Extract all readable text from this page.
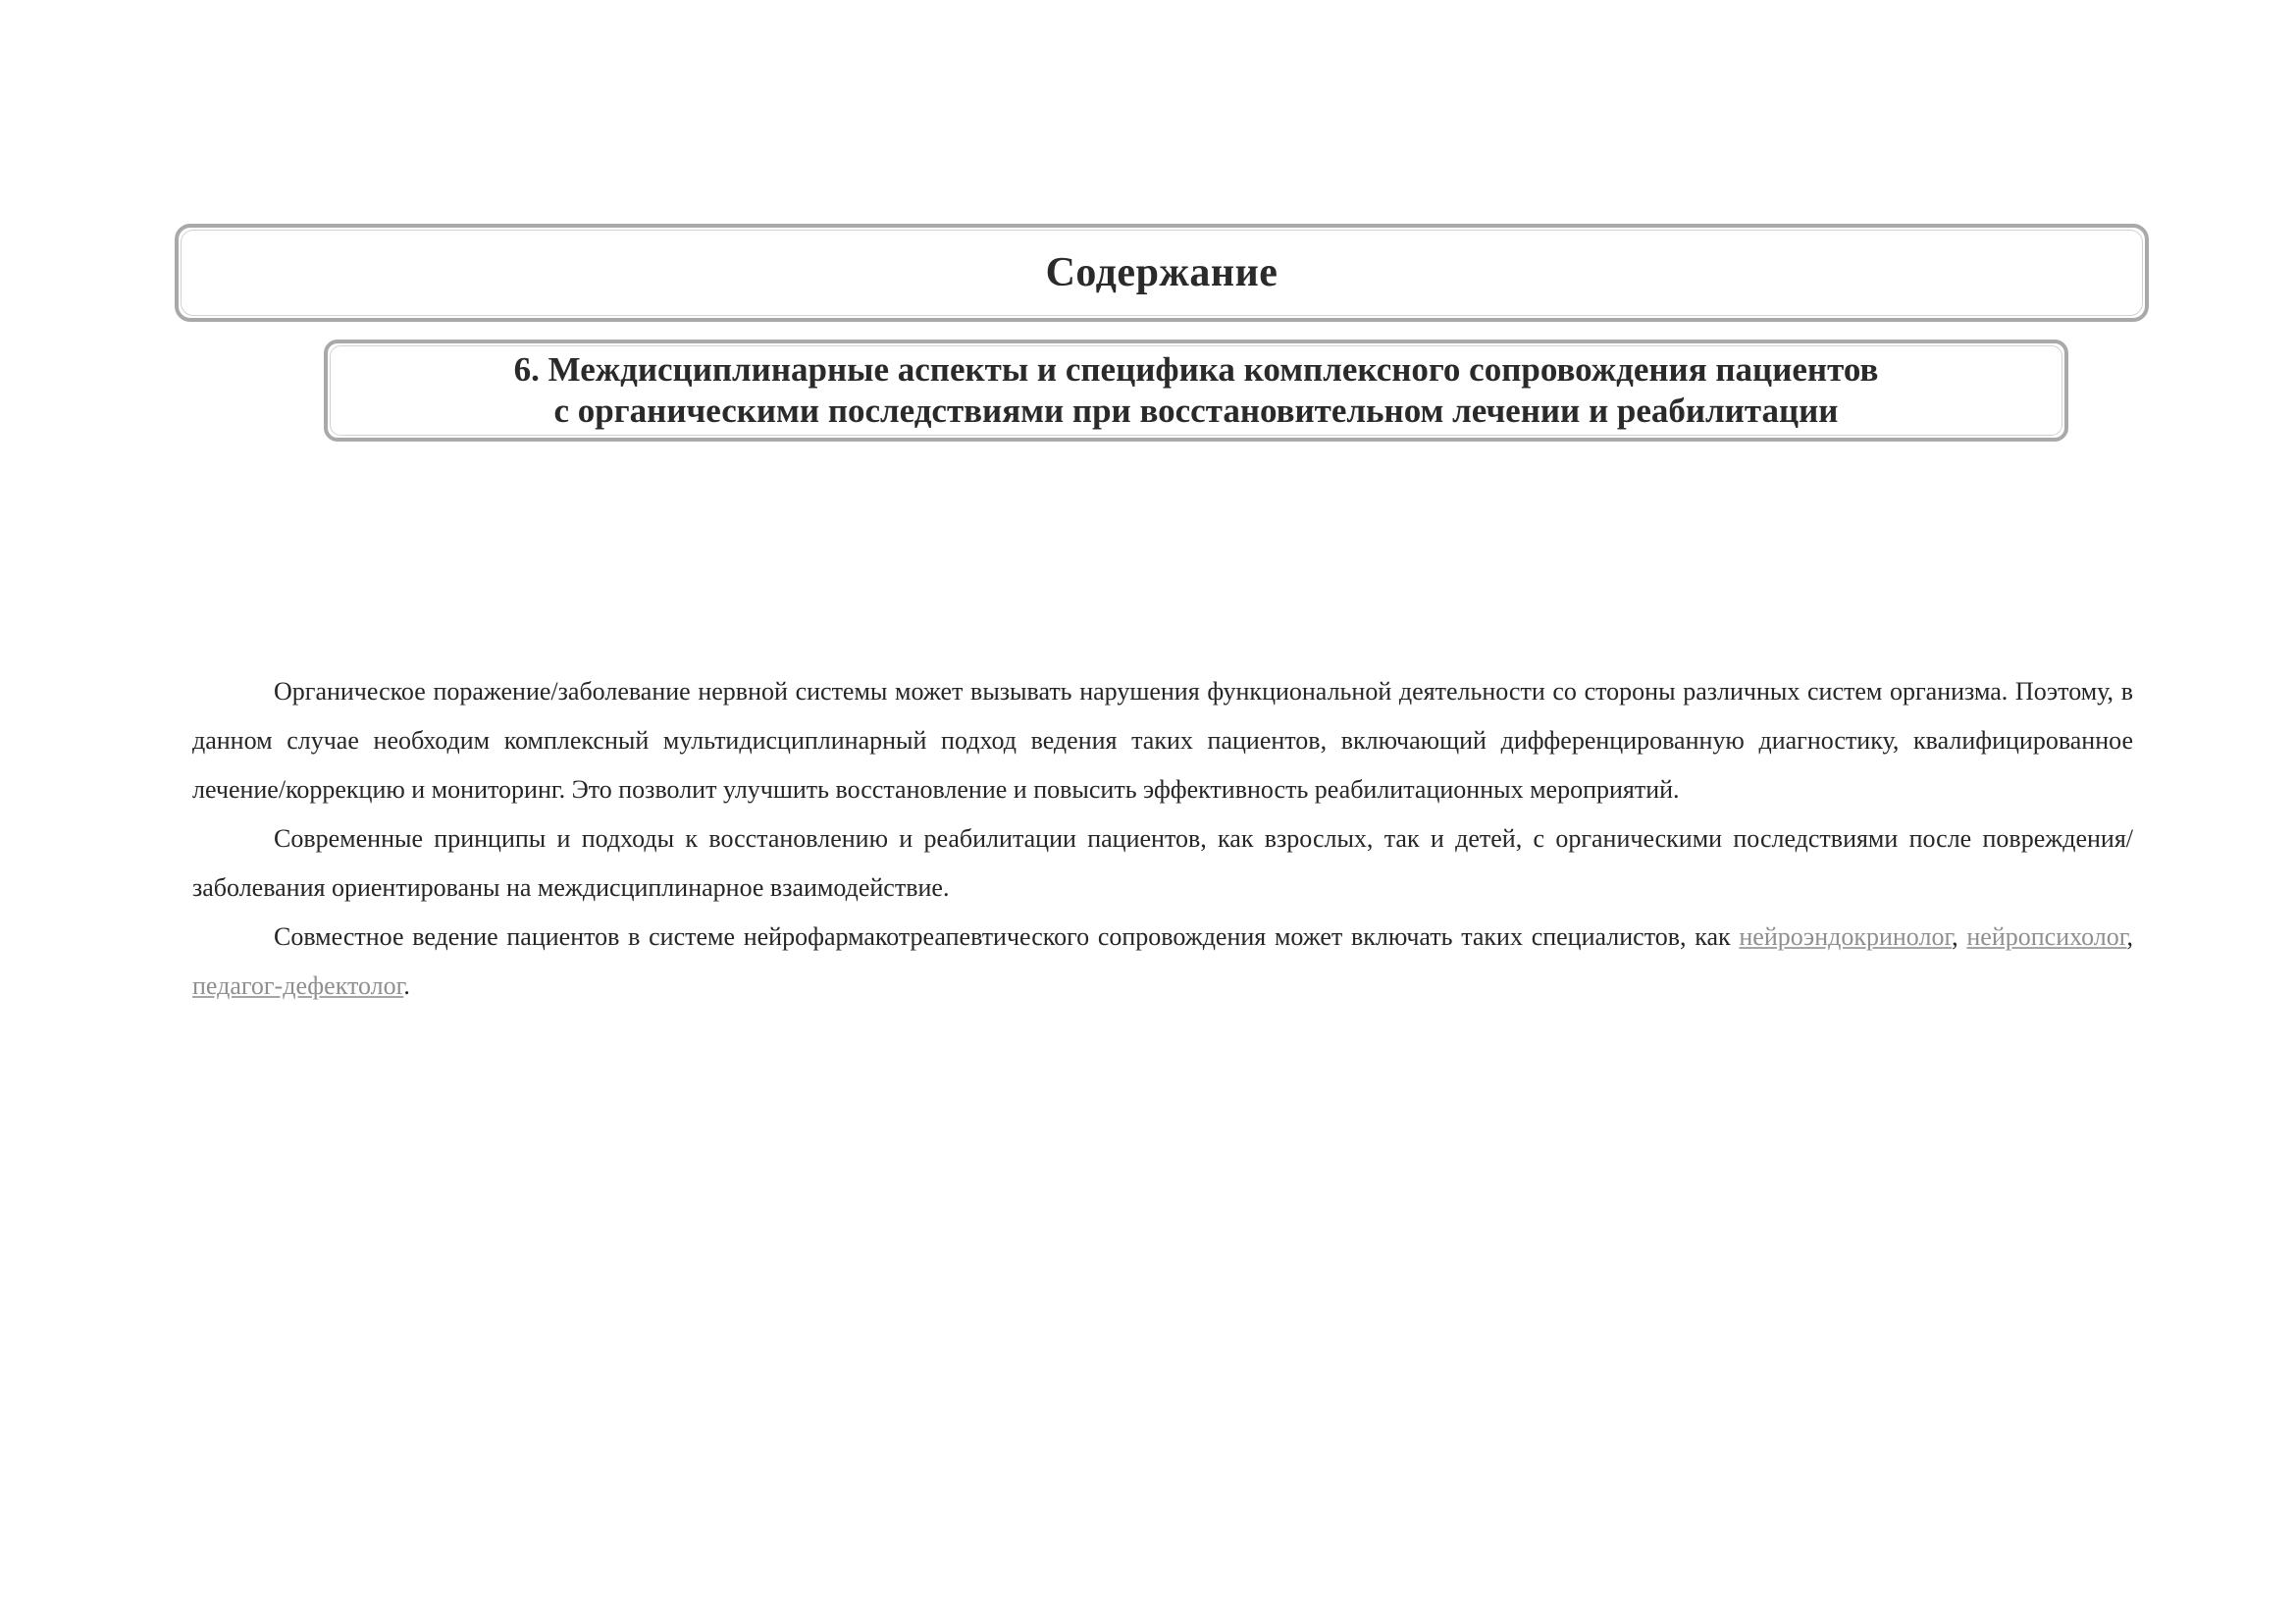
Содержание
6. Междисциплинарные аспекты и специфика комплексного сопровождения пациентов
с органическими последствиями при восстановительном лечении и реабилитации

Органическое поражение/заболевание нервной системы может вызывать нарушения функциональной деятельности со стороны различных систем организма. Поэтому, в данном случае необходим комплексный мультидисциплинарный подход ведения таких пациентов, включающий дифференцированную диагностику, квалифицированное лечение/коррекцию и мониторинг. Это позволит улучшить восстановление и повысить эффективность реабилитационных мероприятий.

Современные принципы и подходы к восстановлению и реабилитации пациентов, как взрослых, так и детей, с органическими последствиями после повреждения/заболевания ориентированы на междисциплинарное взаимодействие.

Совместное ведение пациентов в системе нейрофармакотреапевтического сопровождения может включать таких специалистов, как нейроэндокринолог, нейропсихолог, педагог-дефектолог.
